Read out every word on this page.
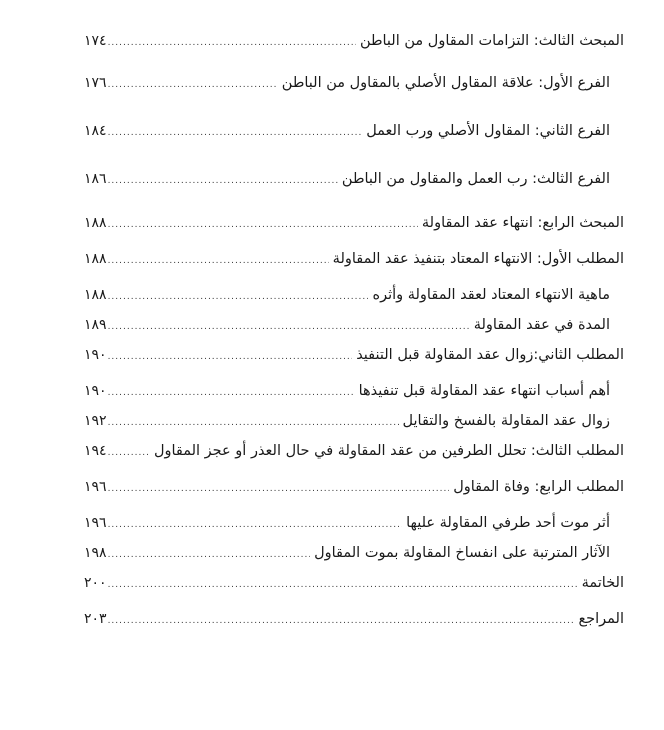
المبحث الثالث: التزامات المقاول من الباطن
.....
١٧٤
الفرع الأول: علاقة المقاول الأصلي بالمقاول من الباطن
.....
١٧٦
الفرع الثاني: المقاول الأصلي ورب العمل
.....
١٨٤
الفرع الثالث: رب العمل والمقاول من الباطن
.....
١٨٦
المبحث الرابع: انتهاء عقد المقاولة
.....
١٨٨
المطلب الأول: الانتهاء المعتاد بتنفيذ عقد المقاولة
.....
١٨٨
ماهية الانتهاء المعتاد لعقد المقاولة وأثره
.....
١٨٨
المدة في عقد المقاولة
.....
١٨٩
المطلب الثاني:زوال عقد المقاولة قبل التنفيذ
.....
١٩٠
أهم أسباب انتهاء عقد المقاولة قبل تنفيذها
.....
١٩٠
زوال عقد المقاولة بالفسخ والتقايل
.....
١٩٢
المطلب الثالث: تحلل الطرفين من عقد المقاولة في حال العذر أو عجز المقاول
.....
١٩٤
المطلب الرابع: وفاة المقاول
.....
١٩٦
أثر موت أحد طرفي المقاولة عليها
.....
١٩٦
الآثار المترتبة على انفساخ المقاولة بموت المقاول
.....
١٩٨
الخاتمة
.....
٢٠٠
المراجع
.....
٢٠٣
